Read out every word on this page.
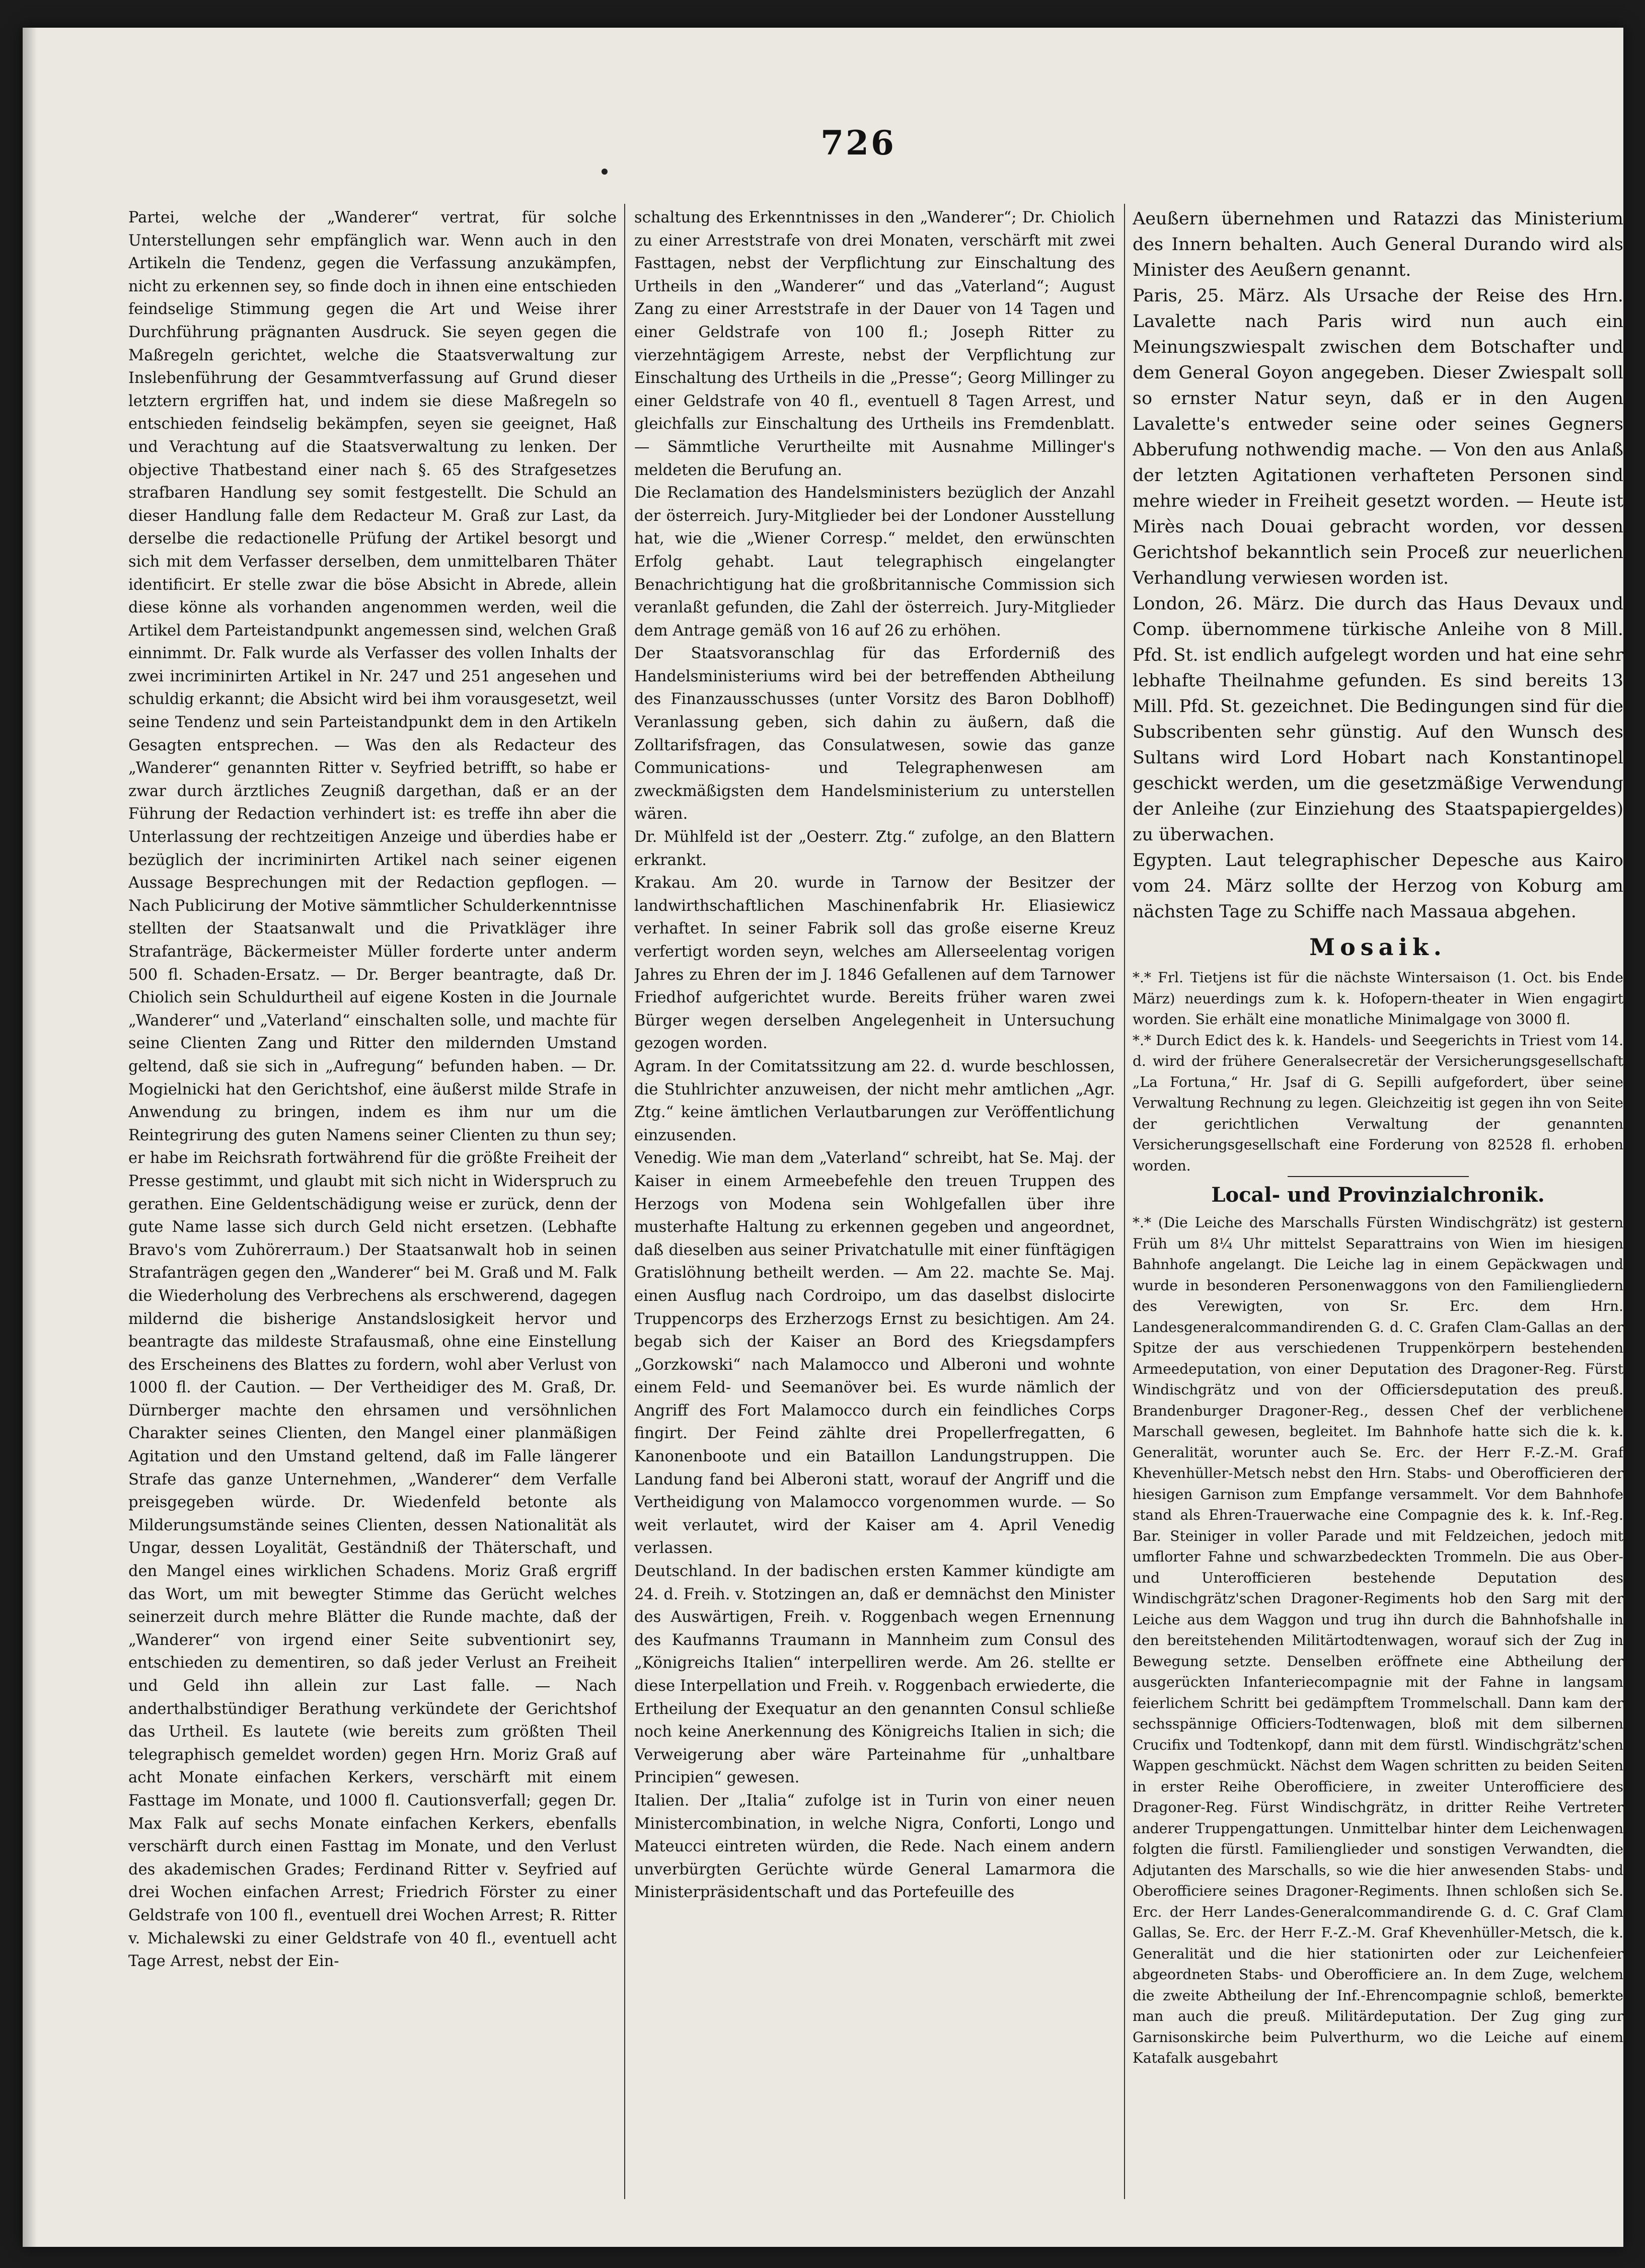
726

Partei, welche der „Wanderer“ vertrat, für solche Unterstellungen sehr empfänglich war. Wenn auch in den Artikeln die Tendenz, gegen die Verfassung anzukämpfen, nicht zu erkennen sey, so finde doch in ihnen eine entschieden feindselige Stimmung gegen die Art und Weise ihrer Durchführung prägnanten Ausdruck. Sie seyen gegen die Maßregeln gerichtet, welche die Staatsverwaltung zur Inslebenführung der Gesammtverfassung auf Grund dieser letztern ergriffen hat, und indem sie diese Maßregeln so entschieden feindselig bekämpfen, seyen sie geeignet, Haß und Verachtung auf die Staatsverwaltung zu lenken. Der objective Thatbestand einer nach §. 65 des Strafgesetzes strafbaren Handlung sey somit festgestellt. Die Schuld an dieser Handlung falle dem Redacteur M. Graß zur Last, da derselbe die redactionelle Prüfung der Artikel besorgt und sich mit dem Verfasser derselben, dem unmittelbaren Thäter identificirt. Er stelle zwar die böse Absicht in Abrede, allein diese könne als vorhanden angenommen werden, weil die Artikel dem Parteistandpunkt angemessen sind, welchen Graß einnimmt. Dr. Falk wurde als Verfasser des vollen Inhalts der zwei incriminirten Artikel in Nr. 247 und 251 angesehen und schuldig erkannt; die Absicht wird bei ihm vorausgesetzt, weil seine Tendenz und sein Parteistandpunkt dem in den Artikeln Gesagten entsprechen. — Was den als Redacteur des „Wanderer“ genannten Ritter v. Seyfried betrifft, so habe er zwar durch ärztliches Zeugniß dargethan, daß er an der Führung der Redaction verhindert ist: es treffe ihn aber die Unterlassung der rechtzeitigen Anzeige und überdies habe er bezüglich der incriminirten Artikel nach seiner eigenen Aussage Besprechungen mit der Redaction gepflogen. — Nach Publicirung der Motive sämmtlicher Schulderkenntnisse stellten der Staatsanwalt und die Privatkläger ihre Strafanträge, Bäckermeister Müller forderte unter anderm 500 fl. Schaden-Ersatz. — Dr. Berger beantragte, daß Dr. Chiolich sein Schuldurtheil auf eigene Kosten in die Journale „Wanderer“ und „Vaterland“ einschalten solle, und machte für seine Clienten Zang und Ritter den mildernden Umstand geltend, daß sie sich in „Aufregung“ befunden haben. — Dr. Mogielnicki hat den Gerichtshof, eine äußerst milde Strafe in Anwendung zu bringen, indem es ihm nur um die Reintegrirung des guten Namens seiner Clienten zu thun sey; er habe im Reichsrath fortwährend für die größte Freiheit der Presse gestimmt, und glaubt mit sich nicht in Widerspruch zu gerathen. Eine Geldentschädigung weise er zurück, denn der gute Name lasse sich durch Geld nicht ersetzen. (Lebhafte Bravo's vom Zuhörerraum.) Der Staatsanwalt hob in seinen Strafanträgen gegen den „Wanderer“ bei M. Graß und M. Falk die Wiederholung des Verbrechens als erschwerend, dagegen mildernd die bisherige Anstandslosigkeit hervor und beantragte das mildeste Strafausmaß, ohne eine Einstellung des Erscheinens des Blattes zu fordern, wohl aber Verlust von 1000 fl. der Caution. — Der Vertheidiger des M. Graß, Dr. Dürnberger machte den ehrsamen und versöhnlichen Charakter seines Clienten, den Mangel einer planmäßigen Agitation und den Umstand geltend, daß im Falle längerer Strafe das ganze Unternehmen, „Wanderer“ dem Verfalle preisgegeben würde. Dr. Wiedenfeld betonte als Milderungsumstände seines Clienten, dessen Nationalität als Ungar, dessen Loyalität, Geständniß der Thäterschaft, und den Mangel eines wirklichen Schadens. Moriz Graß ergriff das Wort, um mit bewegter Stimme das Gerücht welches seinerzeit durch mehre Blätter die Runde machte, daß der „Wanderer“ von irgend einer Seite subventionirt sey, entschieden zu dementiren, so daß jeder Verlust an Freiheit und Geld ihn allein zur Last falle. — Nach anderthalbstündiger Berathung verkündete der Gerichtshof das Urtheil. Es lautete (wie bereits zum größten Theil telegraphisch gemeldet worden) gegen Hrn. Moriz Graß auf acht Monate einfachen Kerkers, verschärft mit einem Fasttage im Monate, und 1000 fl. Cautionsverfall; gegen Dr. Max Falk auf sechs Monate einfachen Kerkers, ebenfalls verschärft durch einen Fasttag im Monate, und den Verlust des akademischen Grades; Ferdinand Ritter v. Seyfried auf drei Wochen einfachen Arrest; Friedrich Förster zu einer Geldstrafe von 100 fl., eventuell drei Wochen Arrest; R. Ritter v. Michalewski zu einer Geldstrafe von 40 fl., eventuell acht Tage Arrest, nebst der Ein-

schaltung des Erkenntnisses in den „Wanderer“; Dr. Chiolich zu einer Arreststrafe von drei Monaten, verschärft mit zwei Fasttagen, nebst der Verpflichtung zur Einschaltung des Urtheils in den „Wanderer“ und das „Vaterland“; August Zang zu einer Arreststrafe in der Dauer von 14 Tagen und einer Geldstrafe von 100 fl.; Joseph Ritter zu vierzehntägigem Arreste, nebst der Verpflichtung zur Einschaltung des Urtheils in die „Presse“; Georg Millinger zu einer Geldstrafe von 40 fl., eventuell 8 Tagen Arrest, und gleichfalls zur Einschaltung des Urtheils ins Fremdenblatt. — Sämmtliche Verurtheilte mit Ausnahme Millinger's meldeten die Berufung an.

Die Reclamation des Handelsministers bezüglich der Anzahl der österreich. Jury-Mitglieder bei der Londoner Ausstellung hat, wie die „Wiener Corresp.“ meldet, den erwünschten Erfolg gehabt. Laut telegraphisch eingelangter Benachrichtigung hat die großbritannische Commission sich veranlaßt gefunden, die Zahl der österreich. Jury-Mitglieder dem Antrage gemäß von 16 auf 26 zu erhöhen.

Der Staatsvoranschlag für das Erforderniß des Handelsministeriums wird bei der betreffenden Abtheilung des Finanzausschusses (unter Vorsitz des Baron Doblhoff) Veranlassung geben, sich dahin zu äußern, daß die Zolltarifsfragen, das Consulatwesen, sowie das ganze Communications- und Telegraphenwesen am zweckmäßigsten dem Handelsministerium zu unterstellen wären.

Dr. Mühlfeld ist der „Oesterr. Ztg.“ zufolge, an den Blattern erkrankt.

Krakau. Am 20. wurde in Tarnow der Besitzer der landwirthschaftlichen Maschinenfabrik Hr. Eliasiewicz verhaftet. In seiner Fabrik soll das große eiserne Kreuz verfertigt worden seyn, welches am Allerseelentag vorigen Jahres zu Ehren der im J. 1846 Gefallenen auf dem Tarnower Friedhof aufgerichtet wurde. Bereits früher waren zwei Bürger wegen derselben Angelegenheit in Untersuchung gezogen worden.

Agram. In der Comitatssitzung am 22. d. wurde beschlossen, die Stuhlrichter anzuweisen, der nicht mehr amtlichen „Agr. Ztg.“ keine ämtlichen Verlautbarungen zur Veröffentlichung einzusenden.

Venedig. Wie man dem „Vaterland“ schreibt, hat Se. Maj. der Kaiser in einem Armeebefehle den treuen Truppen des Herzogs von Modena sein Wohlgefallen über ihre musterhafte Haltung zu erkennen gegeben und angeordnet, daß dieselben aus seiner Privatchatulle mit einer fünftägigen Gratislöhnung betheilt werden. — Am 22. machte Se. Maj. einen Ausflug nach Cordroipo, um das daselbst dislocirte Truppencorps des Erzherzogs Ernst zu besichtigen. Am 24. begab sich der Kaiser an Bord des Kriegsdampfers „Gorzkowski“ nach Malamocco und Alberoni und wohnte einem Feld- und Seemanöver bei. Es wurde nämlich der Angriff des Fort Malamocco durch ein feindliches Corps fingirt. Der Feind zählte drei Propellerfregatten, 6 Kanonenboote und ein Bataillon Landungstruppen. Die Landung fand bei Alberoni statt, worauf der Angriff und die Vertheidigung von Malamocco vorgenommen wurde. — So weit verlautet, wird der Kaiser am 4. April Venedig verlassen.

Deutschland. In der badischen ersten Kammer kündigte am 24. d. Freih. v. Stotzingen an, daß er demnächst den Minister des Auswärtigen, Freih. v. Roggenbach wegen Ernennung des Kaufmanns Traumann in Mannheim zum Consul des „Königreichs Italien“ interpelliren werde. Am 26. stellte er diese Interpellation und Freih. v. Roggenbach erwiederte, die Ertheilung der Exequatur an den genannten Consul schließe noch keine Anerkennung des Königreichs Italien in sich; die Verweigerung aber wäre Parteinahme für „unhaltbare Principien“ gewesen.

Italien. Der „Italia“ zufolge ist in Turin von einer neuen Ministercombination, in welche Nigra, Conforti, Longo und Mateucci eintreten würden, die Rede. Nach einem andern unverbürgten Gerüchte würde General Lamarmora die Ministerpräsidentschaft und das Portefeuille des

Aeußern übernehmen und Ratazzi das Ministerium des Innern behalten. Auch General Durando wird als Minister des Aeußern genannt.

Paris, 25. März. Als Ursache der Reise des Hrn. Lavalette nach Paris wird nun auch ein Meinungszwiespalt zwischen dem Botschafter und dem General Goyon angegeben. Dieser Zwiespalt soll so ernster Natur seyn, daß er in den Augen Lavalette's entweder seine oder seines Gegners Abberufung nothwendig mache. — Von den aus Anlaß der letzten Agitationen verhafteten Personen sind mehre wieder in Freiheit gesetzt worden. — Heute ist Mirès nach Douai gebracht worden, vor dessen Gerichtshof bekanntlich sein Proceß zur neuerlichen Verhandlung verwiesen worden ist.

London, 26. März. Die durch das Haus Devaux und Comp. übernommene türkische Anleihe von 8 Mill. Pfd. St. ist endlich aufgelegt worden und hat eine sehr lebhafte Theilnahme gefunden. Es sind bereits 13 Mill. Pfd. St. gezeichnet. Die Bedingungen sind für die Subscribenten sehr günstig. Auf den Wunsch des Sultans wird Lord Hobart nach Konstantinopel geschickt werden, um die gesetzmäßige Verwendung der Anleihe (zur Einziehung des Staatspapiergeldes) zu überwachen.

Egypten. Laut telegraphischer Depesche aus Kairo vom 24. März sollte der Herzog von Koburg am nächsten Tage zu Schiffe nach Massaua abgehen.

Mosaik.

*.* Frl. Tietjens ist für die nächste Wintersaison (1. Oct. bis Ende März) neuerdings zum k. k. Hofopern-theater in Wien engagirt worden. Sie erhält eine monatliche Minimalgage von 3000 fl.

*.* Durch Edict des k. k. Handels- und Seegerichts in Triest vom 14. d. wird der frühere Generalsecretär der Versicherungsgesellschaft „La Fortuna,“ Hr. Jsaf di G. Sepilli aufgefordert, über seine Verwaltung Rechnung zu legen. Gleichzeitig ist gegen ihn von Seite der gerichtlichen Verwaltung der genannten Versicherungsgesellschaft eine Forderung von 82528 fl. erhoben worden.

Local- und Provinzialchronik.

*.* (Die Leiche des Marschalls Fürsten Windischgrätz) ist gestern Früh um 8¼ Uhr mittelst Separattrains von Wien im hiesigen Bahnhofe angelangt. Die Leiche lag in einem Gepäckwagen und wurde in besonderen Personenwaggons von den Familiengliedern des Verewigten, von Sr. Erc. dem Hrn. Landesgeneralcommandirenden G. d. C. Grafen Clam-Gallas an der Spitze der aus verschiedenen Truppenkörpern bestehenden Armeedeputation, von einer Deputation des Dragoner-Reg. Fürst Windischgrätz und von der Officiersdeputation des preuß. Brandenburger Dragoner-Reg., dessen Chef der verblichene Marschall gewesen, begleitet. Im Bahnhofe hatte sich die k. k. Generalität, worunter auch Se. Erc. der Herr F.-Z.-M. Graf Khevenhüller-Metsch nebst den Hrn. Stabs- und Oberofficieren der hiesigen Garnison zum Empfange versammelt. Vor dem Bahnhofe stand als Ehren-Trauerwache eine Compagnie des k. k. Inf.-Reg. Bar. Steiniger in voller Parade und mit Feldzeichen, jedoch mit umflorter Fahne und schwarzbedeckten Trommeln. Die aus Ober- und Unterofficieren bestehende Deputation des Windischgrätz'schen Dragoner-Regiments hob den Sarg mit der Leiche aus dem Waggon und trug ihn durch die Bahnhofshalle in den bereitstehenden Militärtodtenwagen, worauf sich der Zug in Bewegung setzte. Denselben eröffnete eine Abtheilung der ausgerückten Infanteriecompagnie mit der Fahne in langsam feierlichem Schritt bei gedämpftem Trommelschall. Dann kam der sechsspännige Officiers-Todtenwagen, bloß mit dem silbernen Crucifix und Todtenkopf, dann mit dem fürstl. Windischgrätz'schen Wappen geschmückt. Nächst dem Wagen schritten zu beiden Seiten in erster Reihe Oberofficiere, in zweiter Unterofficiere des Dragoner-Reg. Fürst Windischgrätz, in dritter Reihe Vertreter anderer Truppengattungen. Unmittelbar hinter dem Leichenwagen folgten die fürstl. Familienglieder und sonstigen Verwandten, die Adjutanten des Marschalls, so wie die hier anwesenden Stabs- und Oberofficiere seines Dragoner-Regiments. Ihnen schloßen sich Se. Erc. der Herr Landes-Generalcommandirende G. d. C. Graf Clam Gallas, Se. Erc. der Herr F.-Z.-M. Graf Khevenhüller-Metsch, die k. Generalität und die hier stationirten oder zur Leichenfeier abgeordneten Stabs- und Oberofficiere an. In dem Zuge, welchem die zweite Abtheilung der Inf.-Ehrencompagnie schloß, bemerkte man auch die preuß. Militärdeputation. Der Zug ging zur Garnisonskirche beim Pulverthurm, wo die Leiche auf einem Katafalk ausgebahrt
